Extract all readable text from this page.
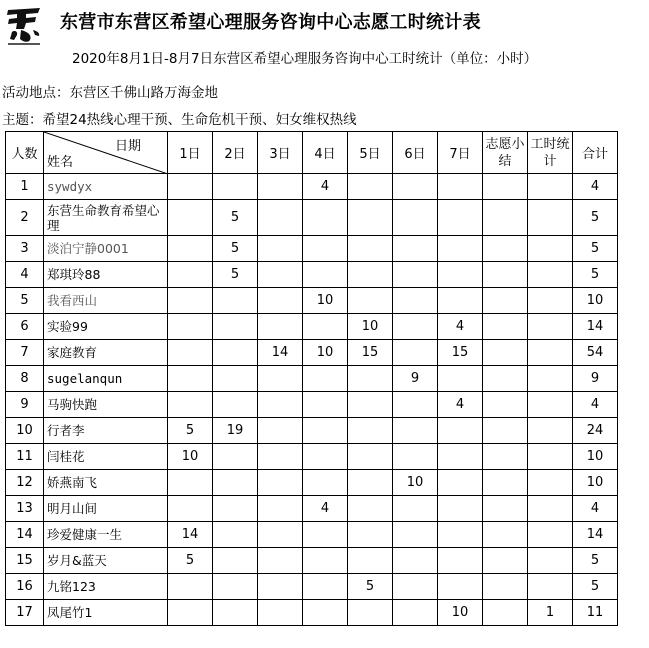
东营市东营区希望心理服务咨询中心志愿工时统计表
2020年8月1日-8月7日东营区希望心理服务咨询中心工时统计（单位：小时）
活动地点：东营区千佛山路万海金地
主题：希望24热线心理干预、生命危机干预、妇女维权热线
人数	日期
姓名	1日	2日	3日	4日	5日	6日	7日	志愿小结	工时统计	合计
1	sywdyx				4						4
2	东营生命教育希望心理		5								5
3	淡泊宁静0001		5								5
4	郑琪玲88		5								5
5	我看西山				10						10
6	实验99					10		4			14
7	家庭教育			14	10	15		15			54
8	sugelanqun						9				9
9	马驹快跑							4			4
10	行者李	5	19								24
11	闫桂花	10									10
12	娇燕南飞						10				10
13	明月山间				4						4
14	珍爱健康一生	14									14
15	岁月&蓝天	5									5
16	九铭123					5					5
17	凤尾竹1							10		1	11
